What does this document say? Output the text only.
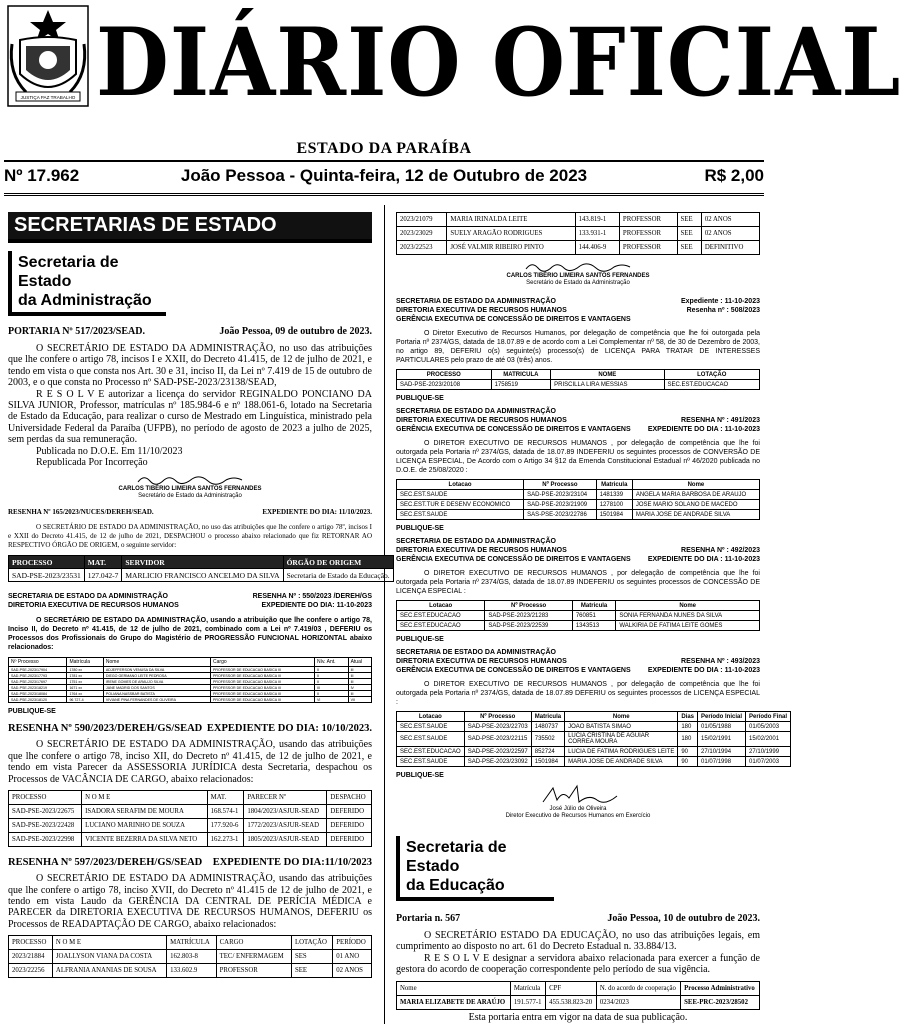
JUSTIÇA PAZ TRABALHO DIÁRIO OFICIAL
ESTADO DA PARAÍBA
Nº 17.962	João Pessoa - Quinta-feira, 12 de Outubro de 2023	R$ 2,00
SECRETARIAS DE ESTADO
Secretaria de Estado
da Administração
PORTARIA Nº 517/2023/SEAD.	João Pessoa, 09 de outubro de 2023.

O SECRETÁRIO DE ESTADO DA ADMINISTRAÇÃO, no uso das atribuições que lhe confere o artigo 78, incisos I e XXII, do Decreto 41.415, de 12 de julho de 2021, e tendo em vista o que consta nos Art. 30 e 31, inciso II, da Lei nº 7.419 de 15 de outubro de 2003, e o que consta no Processo nº SAD-PSE-2023/23138/SEAD,

R E S O L V E autorizar a licença do servidor REGINALDO PONCIANO DA SILVA JUNIOR, Professor, matrículas nº 185.984-6 e nº 188.061-6, lotado na Secretaria de Estado da Educação, para realizar o curso de Mestrado em Linguística, ministrado pela Universidade Federal da Paraíba (UFPB), no período de agosto de 2023 a julho de 2025, sem perdas da sua remuneração.

Publicada no D.O.E. Em 11/10/2023

Republicada Por Incorreção

CARLOS TIBÉRIO LIMEIRA SANTOS FERNANDES
Secretário de Estado da Administração
RESENHA Nº 165/2023/NUCES/DEREH/SEAD.	EXPEDIENTE DO DIA: 11/10/2023.

O SECRETÁRIO DE ESTADO DA ADMINISTRAÇÃO, no uso das atribuições que lhe confere o artigo 78º, incisos I e XXII do Decreto 41.415, de 12 de julho de 2021, DESPACHOU o processo abaixo relacionado que fiz RETORNAR AO RESPECTIVO ÓRGÃO DE ORIGEM, o seguinte servidor:

PROCESSO	MAT.	SERVIDOR	ÓRGÃO DE ORIGEM
SAD-PSE-2023/23531	127.042-7	MARLICIO FRANCISCO ANCELMO DA SILVA	Secretaria de Estado da Educação.
SECRETARIA DE ESTADO DA ADMINISTRAÇÃO
DIRETORIA EXECUTIVA DE RECURSOS HUMANOS
RESENHA Nº : 550/2023 /DEREH/GS
EXPEDIENTE DO DIA: 11-10-2023

O SECRETÁRIO DE ESTADO DA ADMINISTRAÇÃO, usando a atribuição que lhe confere o artigo 78, Inciso II, do Decreto nº 41.415, de 12 de julho de 2021, combinado com a Lei nº 7.419/03 , DEFERIU os Processos dos Profissionais do Grupo do Magistério de PROGRESSÃO FUNCIONAL HORIZONTAL abaixo relacionados:

Nº Processo	Matrícula	Nome	Cargo	Nív. Ant.	Atual
SAD-PSE-2023/17904	1780 xx	ADJEFFERSON VENUSA DA SILVA	PROFESSOR DE EDUCACAO BASICA III	II	III
SAD-PSE-2023/17793	1781 xx	DIEGO GERMANO LEITE PEDROSA	PROFESSOR DE EDUCACAO BASICA III	II	III
SAD-PSE-2023/17697	1751 xx	IRENE GOMES DE ARAUJO SILVA	PROFESSOR DE EDUCACAO BASICA III	II	III
SAD-PSE-2023/18219	1671 xx	JANE MADRID DOS SANTOS	PROFESSOR DE EDUCACAO BASICA III	III	IV
SAD-PSE-2023/18084	1764 xx	POLIANA NASSBAR BATISTA	PROFESSOR DE EDUCACAO BASICA III	II	III
SAD-PSE-2023/18120	96 727-4	VIVIANE PINA FERNANDES DE OLIVEIRA	PROFESSOR DE EDUCACAO BASICA III	VI	VII
PUBLIQUE-SE
RESENHA Nº 590/2023/DEREH/GS/SEAD EXPEDIENTE DO DIA: 10/10/2023.

O SECRETÁRIO DE ESTADO DA ADMINISTRAÇÃO, usando das atribuições que lhe confere o artigo 78, inciso XII, do Decreto nº 41.415, de 12 de julho de 2021, e tendo em vista Parecer da ASSESSORIA JURÍDICA desta Secretaria, despachou os Processos de VACÂNCIA DE CARGO, abaixo relacionados:

PROCESSO	N O M E	MAT.	PARECER Nº	DESPACHO
SAD-PSE-2023/22675	ISADORA SERAFIM DE MOURA	168.574-1	1804/2023/ASJUR-SEAD	DEFERIDO
SAD-PSE-2023/22428	LUCIANO MARINHO DE SOUZA	177.920-6	1772/2023/ASJUR-SEAD	DEFERIDO
SAD-PSE-2023/22998	VICENTE BEZERRA DA SILVA NETO	162.273-1	1805/2023/ASJUR-SEAD	DEFERIDO
RESENHA Nº 597/2023/DEREH/GS/SEAD EXPEDIENTE DO DIA:11/10/2023

O SECRETÁRIO DE ESTADO DA ADMINISTRAÇÃO, usando das atribuições que lhe confere o artigo 78, inciso XVII, do Decreto nº 41.415 de 12 de julho de 2021, e tendo em vista Laudo da GERÊNCIA DA CENTRAL DE PERÍCIA MÉDICA e PARECER da DIRETORIA EXECUTIVA DE RECURSOS HUMANOS, DEFERIU os Processos de READAPTAÇÃO DE CARGO, abaixo relacionados:

PROCESSO	N O M E	MATRÍCULA	CARGO	LOTAÇÃO	PERÍODO
2023/21884	JOALLYSON VIANA DA COSTA	162.803-8	TEC/ ENFERMAGEM	SES	01 ANO
2023/22256	ALFRANIA ANANIAS DE SOUSA	133.602.9	PROFESSOR	SEE	02 ANOS
2023/21079	MARIA IRINALDA LEITE	143.819-1	PROFESSOR	SEE	02 ANOS
2023/23029	SUELY ARAGÃO RODRIGUES	133.931-1	PROFESSOR	SEE	02 ANOS
2023/22523	JOSÉ VALMIR RIBEIRO PINTO	144.406-9	PROFESSOR	SEE	DEFINITIVO
CARLOS TIBÉRIO LIMEIRA SANTOS FERNANDES
Secretário de Estado da Administração
SECRETARIA DE ESTADO DA ADMINISTRAÇÃO
DIRETORIA EXECUTIVA DE RECURSOS HUMANOS
GERÊNCIA EXECUTIVA DE CONCESSÃO DE DIREITOS E VANTAGENS
Expediente : 11-10-2023
Resenha nº : 508/2023

O Diretor Executivo de Recursos Humanos, por delegação de competência que lhe foi outorgada pela Portaria nº 2374/GS, datada de 18.07.89 e de acordo com a Lei Complementar nº 58, de 30 de Dezembro de 2003, no artigo 89, DEFERIU o(s) seguinte(s) processo(s) de LICENÇA PARA TRATAR DE INTERESSES PARTICULARES pelo prazo de até 03 (três) anos.

PROCESSO	MATRICULA	NOME	LOTAÇÃO
SAD-PSE-2023/20108	1758519	PRISCILLA LIRA MESSIAS	SEC.EST.EDUCACAO
PUBLIQUE-SE
SECRETARIA DE ESTADO DA ADMINISTRAÇÃO
DIRETORIA EXECUTIVA DE RECURSOS HUMANOS
GERÊNCIA EXECUTIVA DE CONCESSÃO DE DIREITOS E VANTAGENS
RESENHA Nº : 491/2023
EXPEDIENTE DO DIA : 11-10-2023

O DIRETOR EXECUTIVO DE RECURSOS HUMANOS , por delegação de competência que lhe foi outorgada pela Portaria nº 2374/GS, datada de 18.07.89 INDEFERIU os seguintes processos de CONVERSÃO DE LICENÇA ESPECIAL, De Acordo com o Artigo 34 §12 da Emenda Constitucional Estadual nº 46/2020 publicada no D.O.E. de 25/08/2020 :

Lotacao	Nº Processo	Matricula	Nome
SEC.EST.SAUDE	SAD-PSE-2023/23104	1481339	ANGELA MARIA BARBOSA DE ARAUJO
SEC.EST.TUR E DESENV ECONOMICO	SAD-PSE-2023/21909	1278100	JOSE MARIO SOLANO DE MACEDO
SEC.EST.SAUDE	SAS-PSE-2023/22786	1501984	MARIA JOSE DE ANDRADE SILVA
PUBLIQUE-SE
SECRETARIA DE ESTADO DA ADMINISTRAÇÃO
DIRETORIA EXECUTIVA DE RECURSOS HUMANOS
GERÊNCIA EXECUTIVA DE CONCESSÃO DE DIREITOS E VANTAGENS
RESENHA Nº : 492/2023
EXPEDIENTE DO DIA : 11-10-2023

O DIRETOR EXECUTIVO DE RECURSOS HUMANOS , por delegação de competência que lhe foi outorgada pela Portaria nº 2374/GS, datada de 18.07.89 INDEFERIU os seguintes processos de CONCESSÃO DE LICENÇA ESPECIAL :

Lotacao	Nº Processo	Matricula	Nome
SEC.EST.EDUCACAO	SAD-PSE-2023/21283	760851	SONIA FERNANDA NUNES DA SILVA
SEC.EST.EDUCACAO	SAD-PSE-2023/22539	1343513	WALKIRIA DE FATIMA LEITE GOMES
PUBLIQUE-SE
SECRETARIA DE ESTADO DA ADMINISTRAÇÃO
DIRETORIA EXECUTIVA DE RECURSOS HUMANOS
GERÊNCIA EXECUTIVA DE CONCESSÃO DE DIREITOS E VANTAGENS
RESENHA Nº : 493/2023
EXPEDIENTE DO DIA : 11-10-2023

O DIRETOR EXECUTIVO DE RECURSOS HUMANOS , por delegação de competência que lhe foi outorgada pela Portaria nº 2374/GS, datada de 18.07.89 DEFERIU os seguintes processos de LICENÇA ESPECIAL :

Lotacao	Nº Processo	Matricula	Nome	Dias	Período Inicial	Período Final
SEC.EST.SAUDE	SAD-PSE-2023/22703	1480737	JOAO BATISTA SIMAO	180	01/05/1988	01/05/2003
SEC.EST.SAUDE	SAD-PSE-2023/22115	735502	LUCIA CRISTINA DE AGUIAR CORREA MOURA	180	15/02/1991	15/02/2001
SEC.EST.EDUCACAO	SAD-PSE-2023/22597	852724	LUCIA DE FATIMA RODRIGUES LEITE	90	27/10/1994	27/10/1999
SEC.EST.SAUDE	SAD-PSE-2023/23092	1501984	MARIA JOSE DE ANDRADE SILVA	90	01/07/1998	01/07/2003
PUBLIQUE-SE
José Júlio de Oliveira
Diretor Executivo de Recursos Humanos em Exercício
Secretaria de Estado
da Educação
Portaria n. 567	João Pessoa, 10 de outubro de 2023.

O SECRETÁRIO ESTADO DA EDUCAÇÃO, no uso das atribuições legais, em cumprimento ao disposto no art. 61 do Decreto Estadual n. 33.884/13.

R E S O L V E designar a servidora abaixo relacionada para exercer a função de gestora do acordo de cooperação correspondente pelo período de sua vigência.

Nome	Matrícula	CPF	N. do acordo de cooperação	Processo Administrativo
MARIA ELIZABETE DE ARAÚJO	191.577-1	455.538.823-20	0234/2023	SEE-PRC-2023/28502

Esta portaria entra em vigor na data de sua publicação.
